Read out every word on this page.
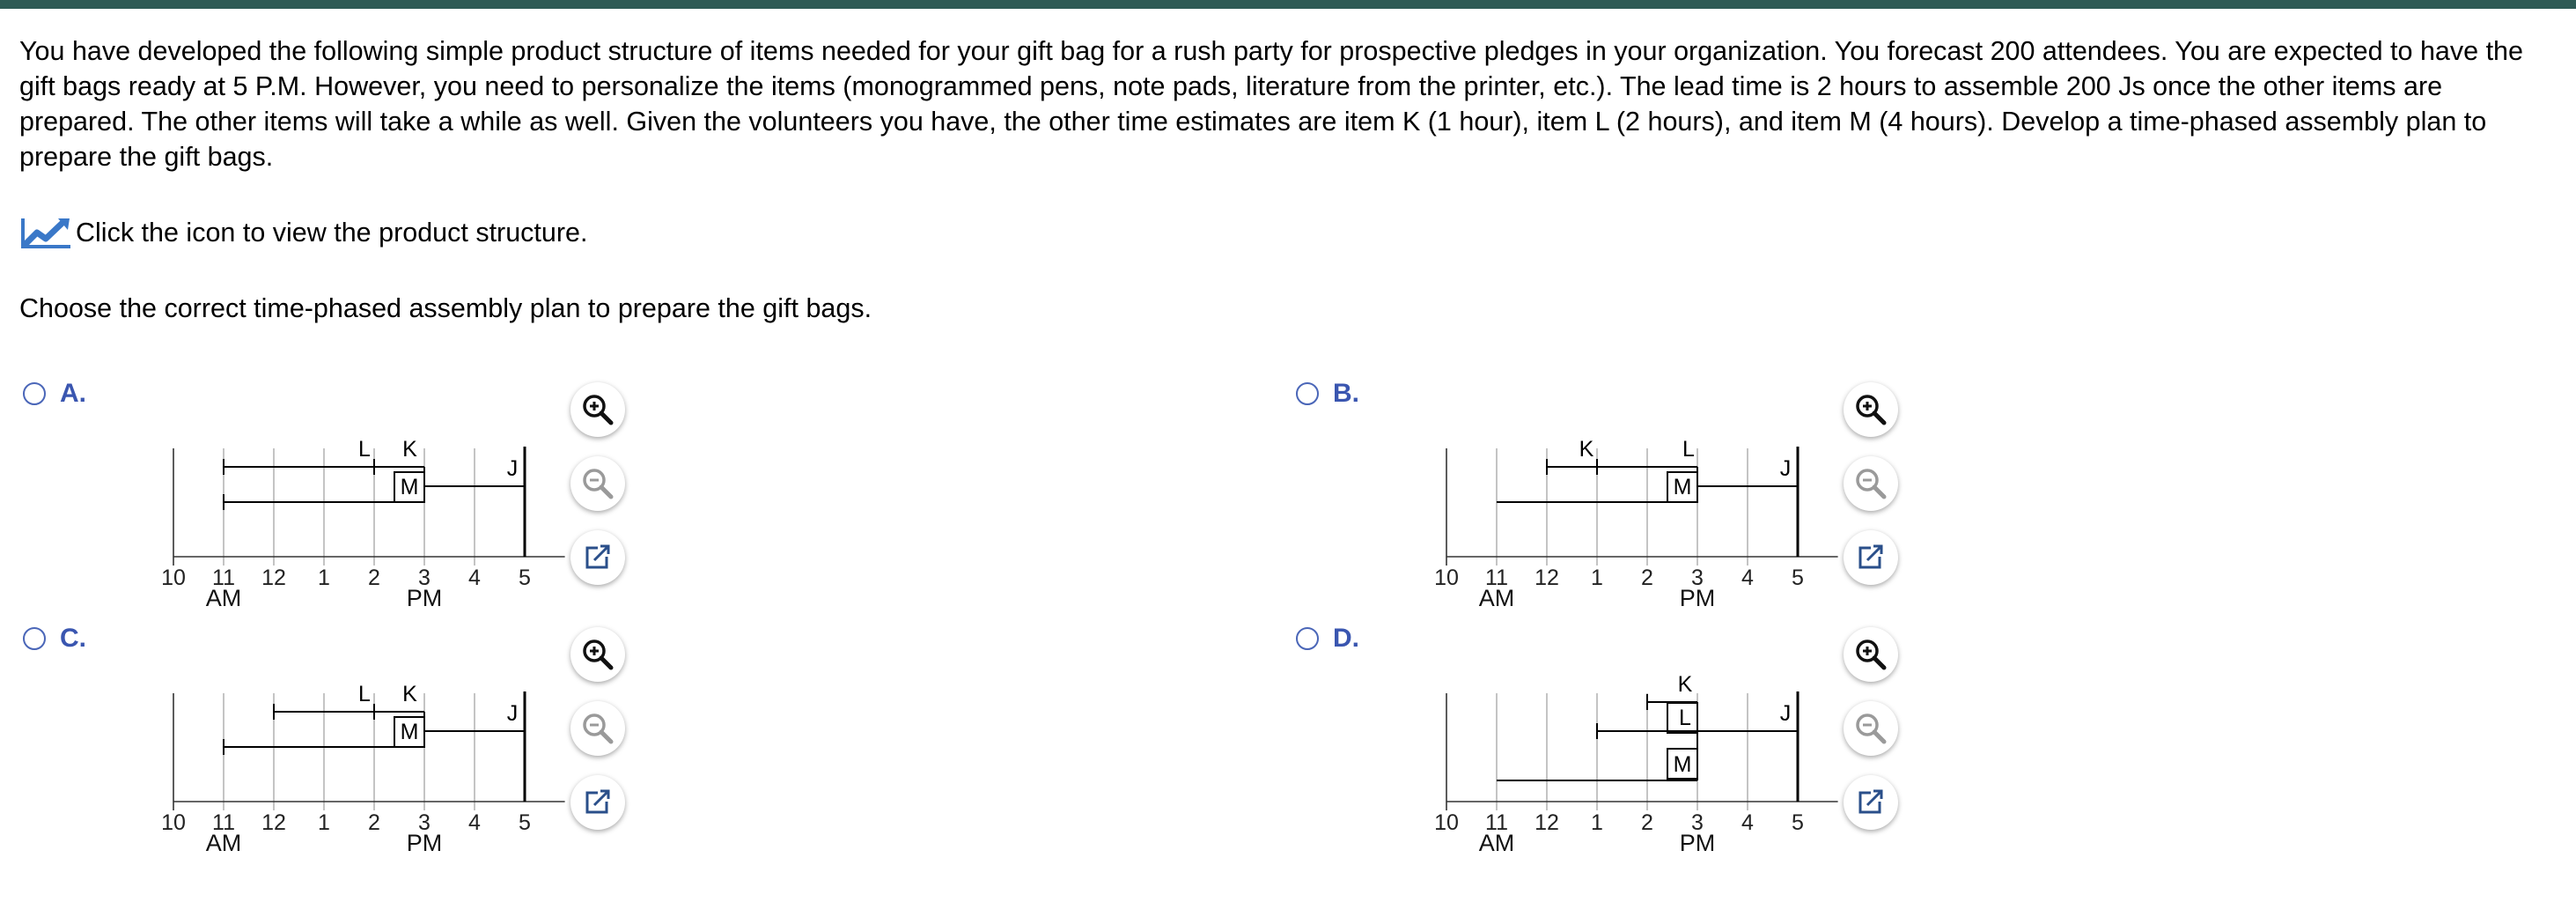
You have developed the following simple product structure of items needed for your gift bag for a rush party for prospective pledges in your organization. You forecast 200 attendees. You are expected to have the gift bags ready at 5 P.M. However, you need to personalize the items (monogrammed pens, note pads, literature from the printer, etc.). The lead time is 2 hours to assemble 200 Js once the other items are prepared. The other items will take a while as well. Given the volunteers you have, the other time estimates are item K (1 hour), item L (2 hours), and item M (4 hours). Develop a time-phased assembly plan to prepare the gift bags.

Click the icon to view the product structure.

Choose the correct time-phased assembly plan to prepare the gift bags.

A.
10 11 12 1 2 3 4 5
AM	PM
J
L K
M
B.
10 11 12 1 2 3 4 5
AM	PM
J
K	L
M
C.
10 11 12 1 2 3 4 5
AM	PM
J
L K
M
D.
10 11 12 1 2 3 4 5
AM	PM
J
K
L
M
